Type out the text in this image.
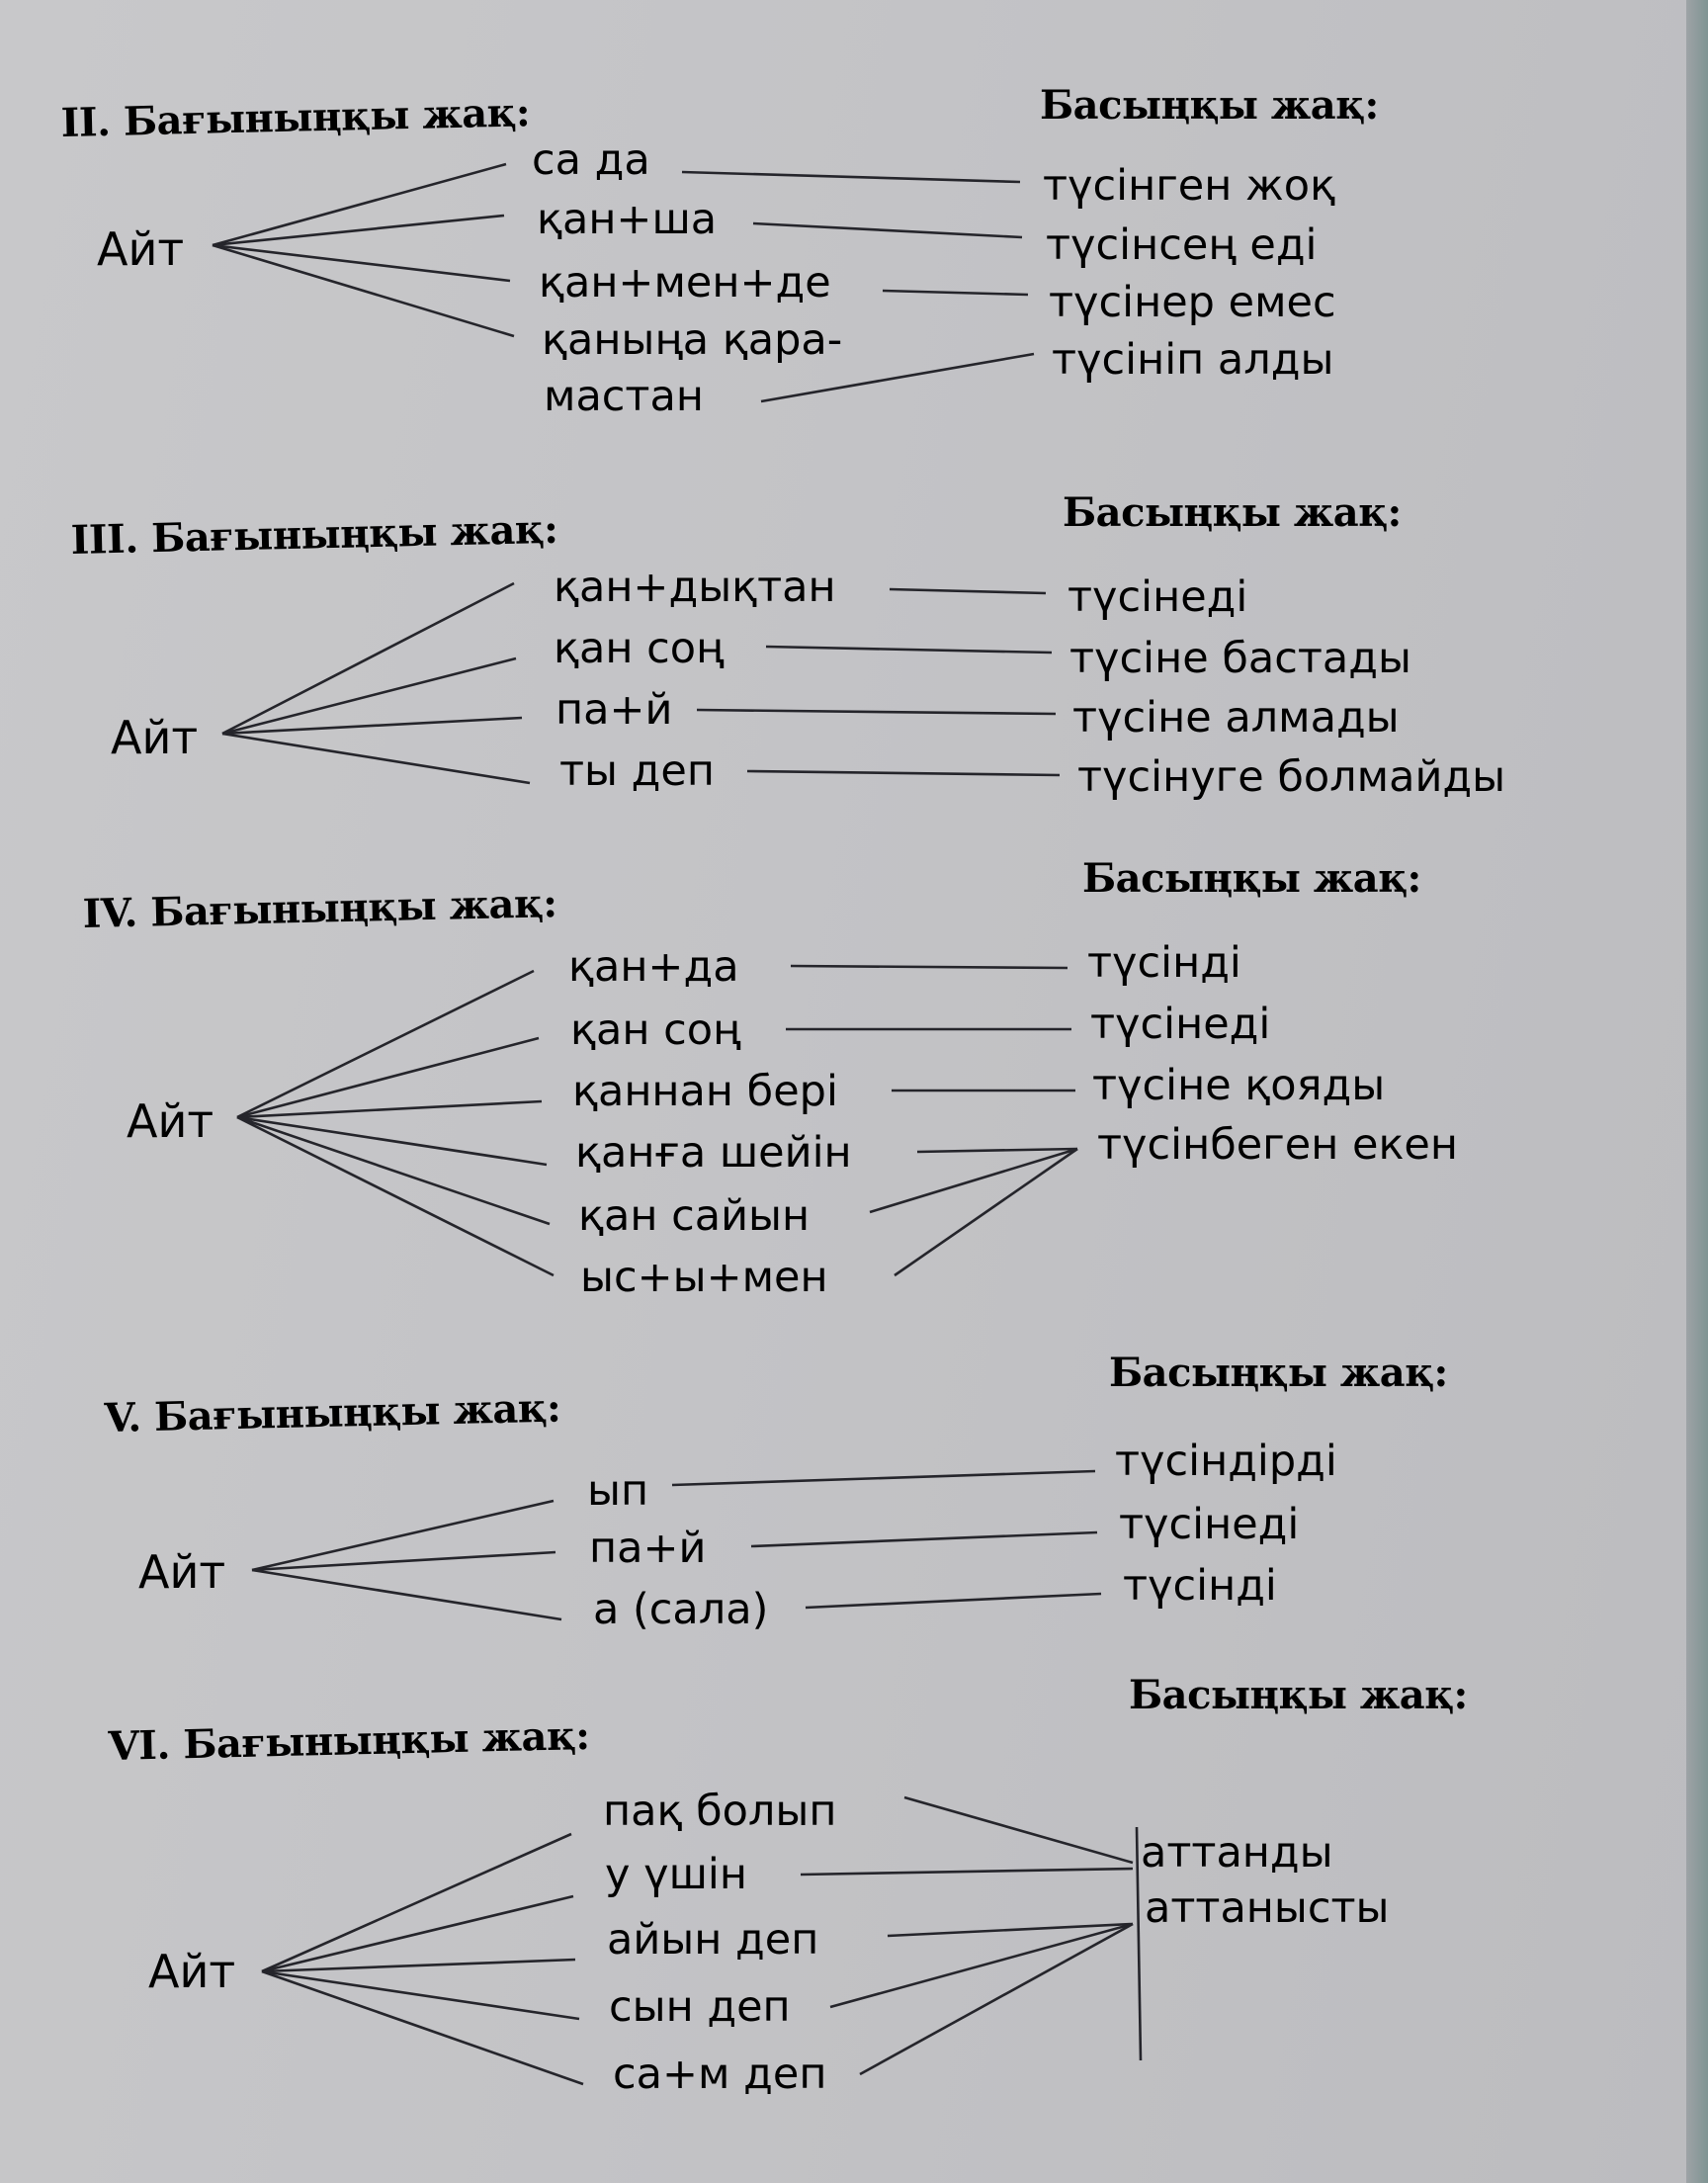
II. Бағыныңқы жақ:	Басыңқы жақ:
Айт
са да
қан+ша
қан+мен+де
қаныңа қара-
мастан
түсінген жоқ
түсінсең еді
түсінер емес
түсініп алды
III. Бағыныңқы жақ:	Басыңқы жақ:
Айт
қан+дықтан
қан соң
па+й
ты деп
түсінеді
түсіне бастады
түсіне алмады
түсінуге болмайды
IV. Бағыныңқы жақ:
Басыңқы жақ:
Айт
қан+да
қан соң
қаннан бері
қанға шейін
қан сайын
ыс+ы+мен
түсінді
түсінеді
түсіне қояды
түсінбеген екен
V. Бағыныңқы жақ:
Басыңқы жақ:
Айт
ып
па+й
а (сала)
түсіндірді
түсінеді
түсінді
VI. Бағыныңқы жақ:
Басыңқы жақ:
Айт
пақ болып
у үшін
айын деп
сын деп
са+м деп
аттанды
аттанысты
